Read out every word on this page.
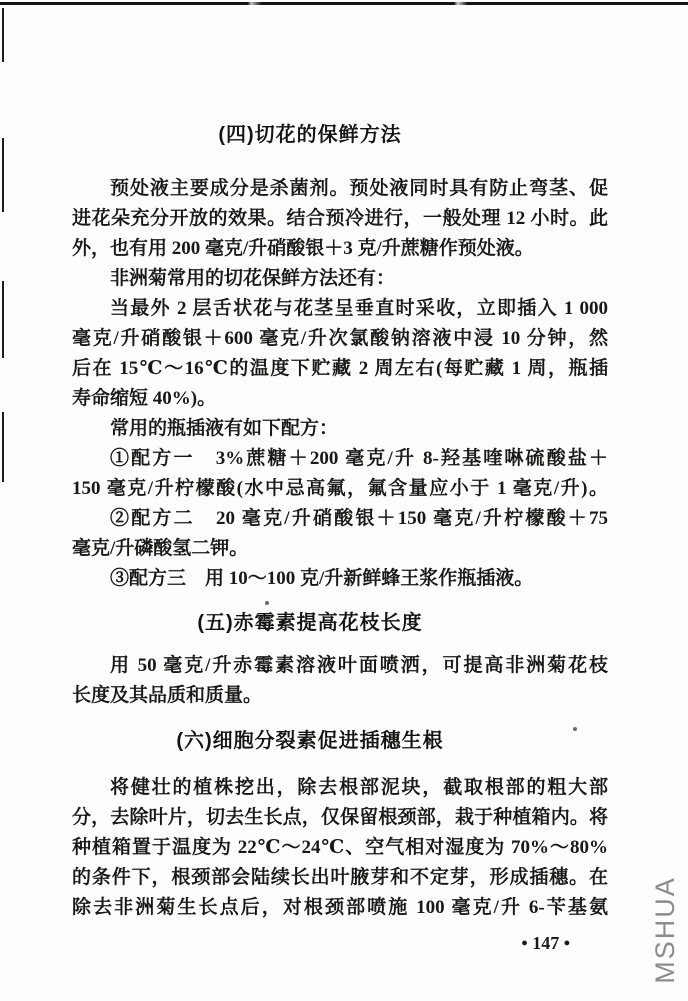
(四)切花的保鲜方法
预处液主要成分是杀菌剂。预处液同时具有防止弯茎、促
进花朵充分开放的效果。结合预冷进行，一般处理 12 小时。此
外，也有用 200 毫克/升硝酸银＋3 克/升蔗糖作预处液。
非洲菊常用的切花保鲜方法还有：
当最外 2 层舌状花与花茎呈垂直时采收，立即插入 1 000
毫克/升硝酸银＋600 毫克/升次氯酸钠溶液中浸 10 分钟，然
后在 15℃～16℃的温度下贮藏 2 周左右(每贮藏 1 周，瓶插
寿命缩短 40%)。
常用的瓶插液有如下配方：
①配方一　3%蔗糖＋200 毫克/升 8-羟基喹啉硫酸盐＋
150 毫克/升柠檬酸(水中忌高氟，氟含量应小于 1 毫克/升)。
②配方二　20 毫克/升硝酸银＋150 毫克/升柠檬酸＋75
毫克/升磷酸氢二钾。
③配方三　用 10～100 克/升新鲜蜂王浆作瓶插液。
(五)赤霉素提高花枝长度
用 50 毫克/升赤霉素溶液叶面喷洒，可提高非洲菊花枝
长度及其品质和质量。
(六)细胞分裂素促进插穗生根
将健壮的植株挖出，除去根部泥块，截取根部的粗大部
分，去除叶片，切去生长点，仅保留根颈部，栽于种植箱内。将
种植箱置于温度为 22℃～24℃、空气相对湿度为 70%～80%
的条件下，根颈部会陆续长出叶腋芽和不定芽，形成插穗。在
除去非洲菊生长点后，对根颈部喷施 100 毫克/升 6-苄基氨
• 147 •	MSHUA
